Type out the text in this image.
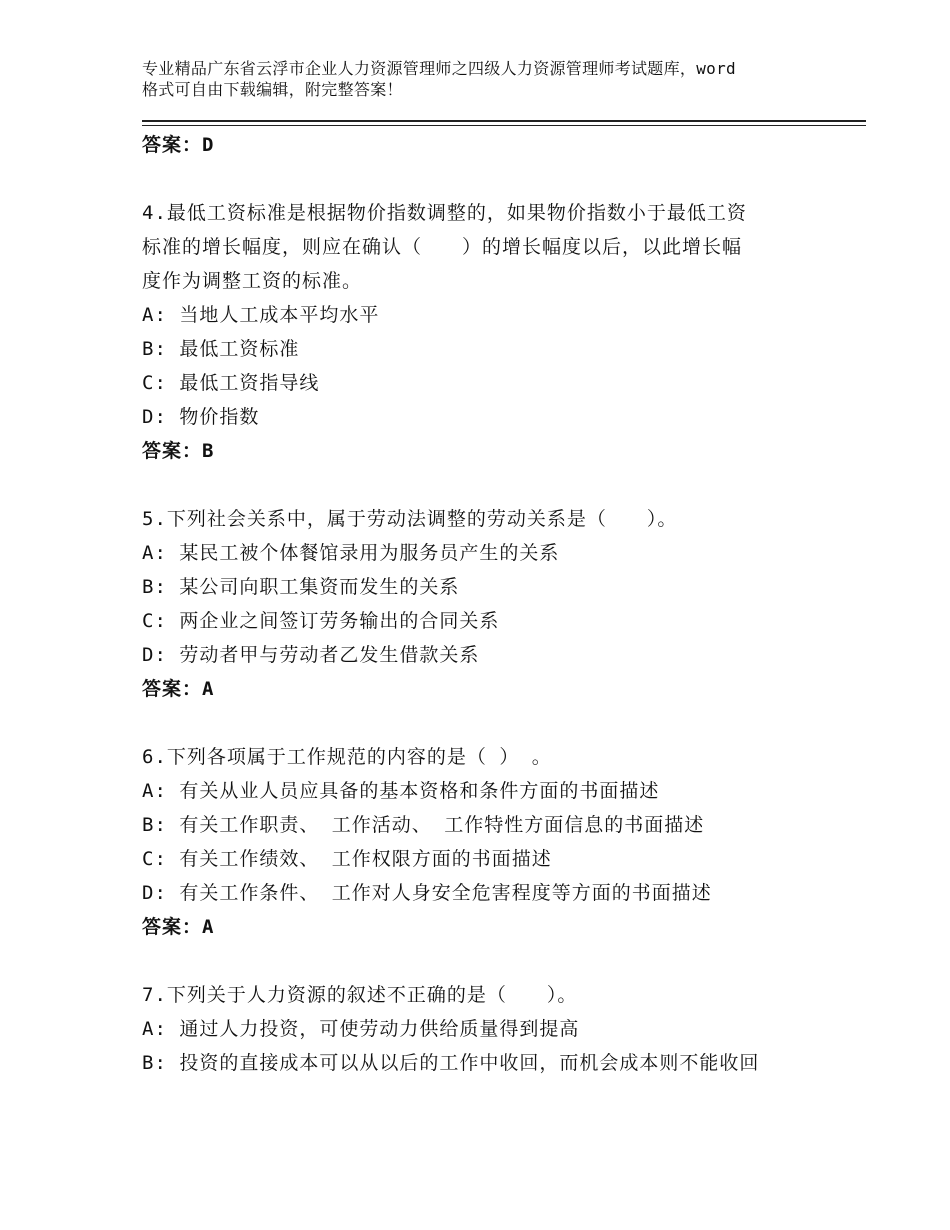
专业精品广东省云浮市企业人力资源管理师之四级人力资源管理师考试题库，word
格式可自由下载编辑，附完整答案！
答案：D
4.最低工资标准是根据物价指数调整的，如果物价指数小于最低工资
标准的增长幅度，则应在确认（　　）的增长幅度以后，以此增长幅
度作为调整工资的标准。
A: 当地人工成本平均水平
B: 最低工资标准
C: 最低工资指导线
D: 物价指数
答案：B
5.下列社会关系中，属于劳动法调整的劳动关系是（　　）。
A: 某民工被个体餐馆录用为服务员产生的关系
B: 某公司向职工集资而发生的关系
C: 两企业之间签订劳务输出的合同关系
D: 劳动者甲与劳动者乙发生借款关系
答案：A
6.下列各项属于工作规范的内容的是（ ） 。
A: 有关从业人员应具备的基本资格和条件方面的书面描述
B: 有关工作职责、 工作活动、 工作特性方面信息的书面描述
C: 有关工作绩效、 工作权限方面的书面描述
D: 有关工作条件、 工作对人身安全危害程度等方面的书面描述
答案：A
7.下列关于人力资源的叙述不正确的是（　　）。
A: 通过人力投资，可使劳动力供给质量得到提高
B: 投资的直接成本可以从以后的工作中收回，而机会成本则不能收回
